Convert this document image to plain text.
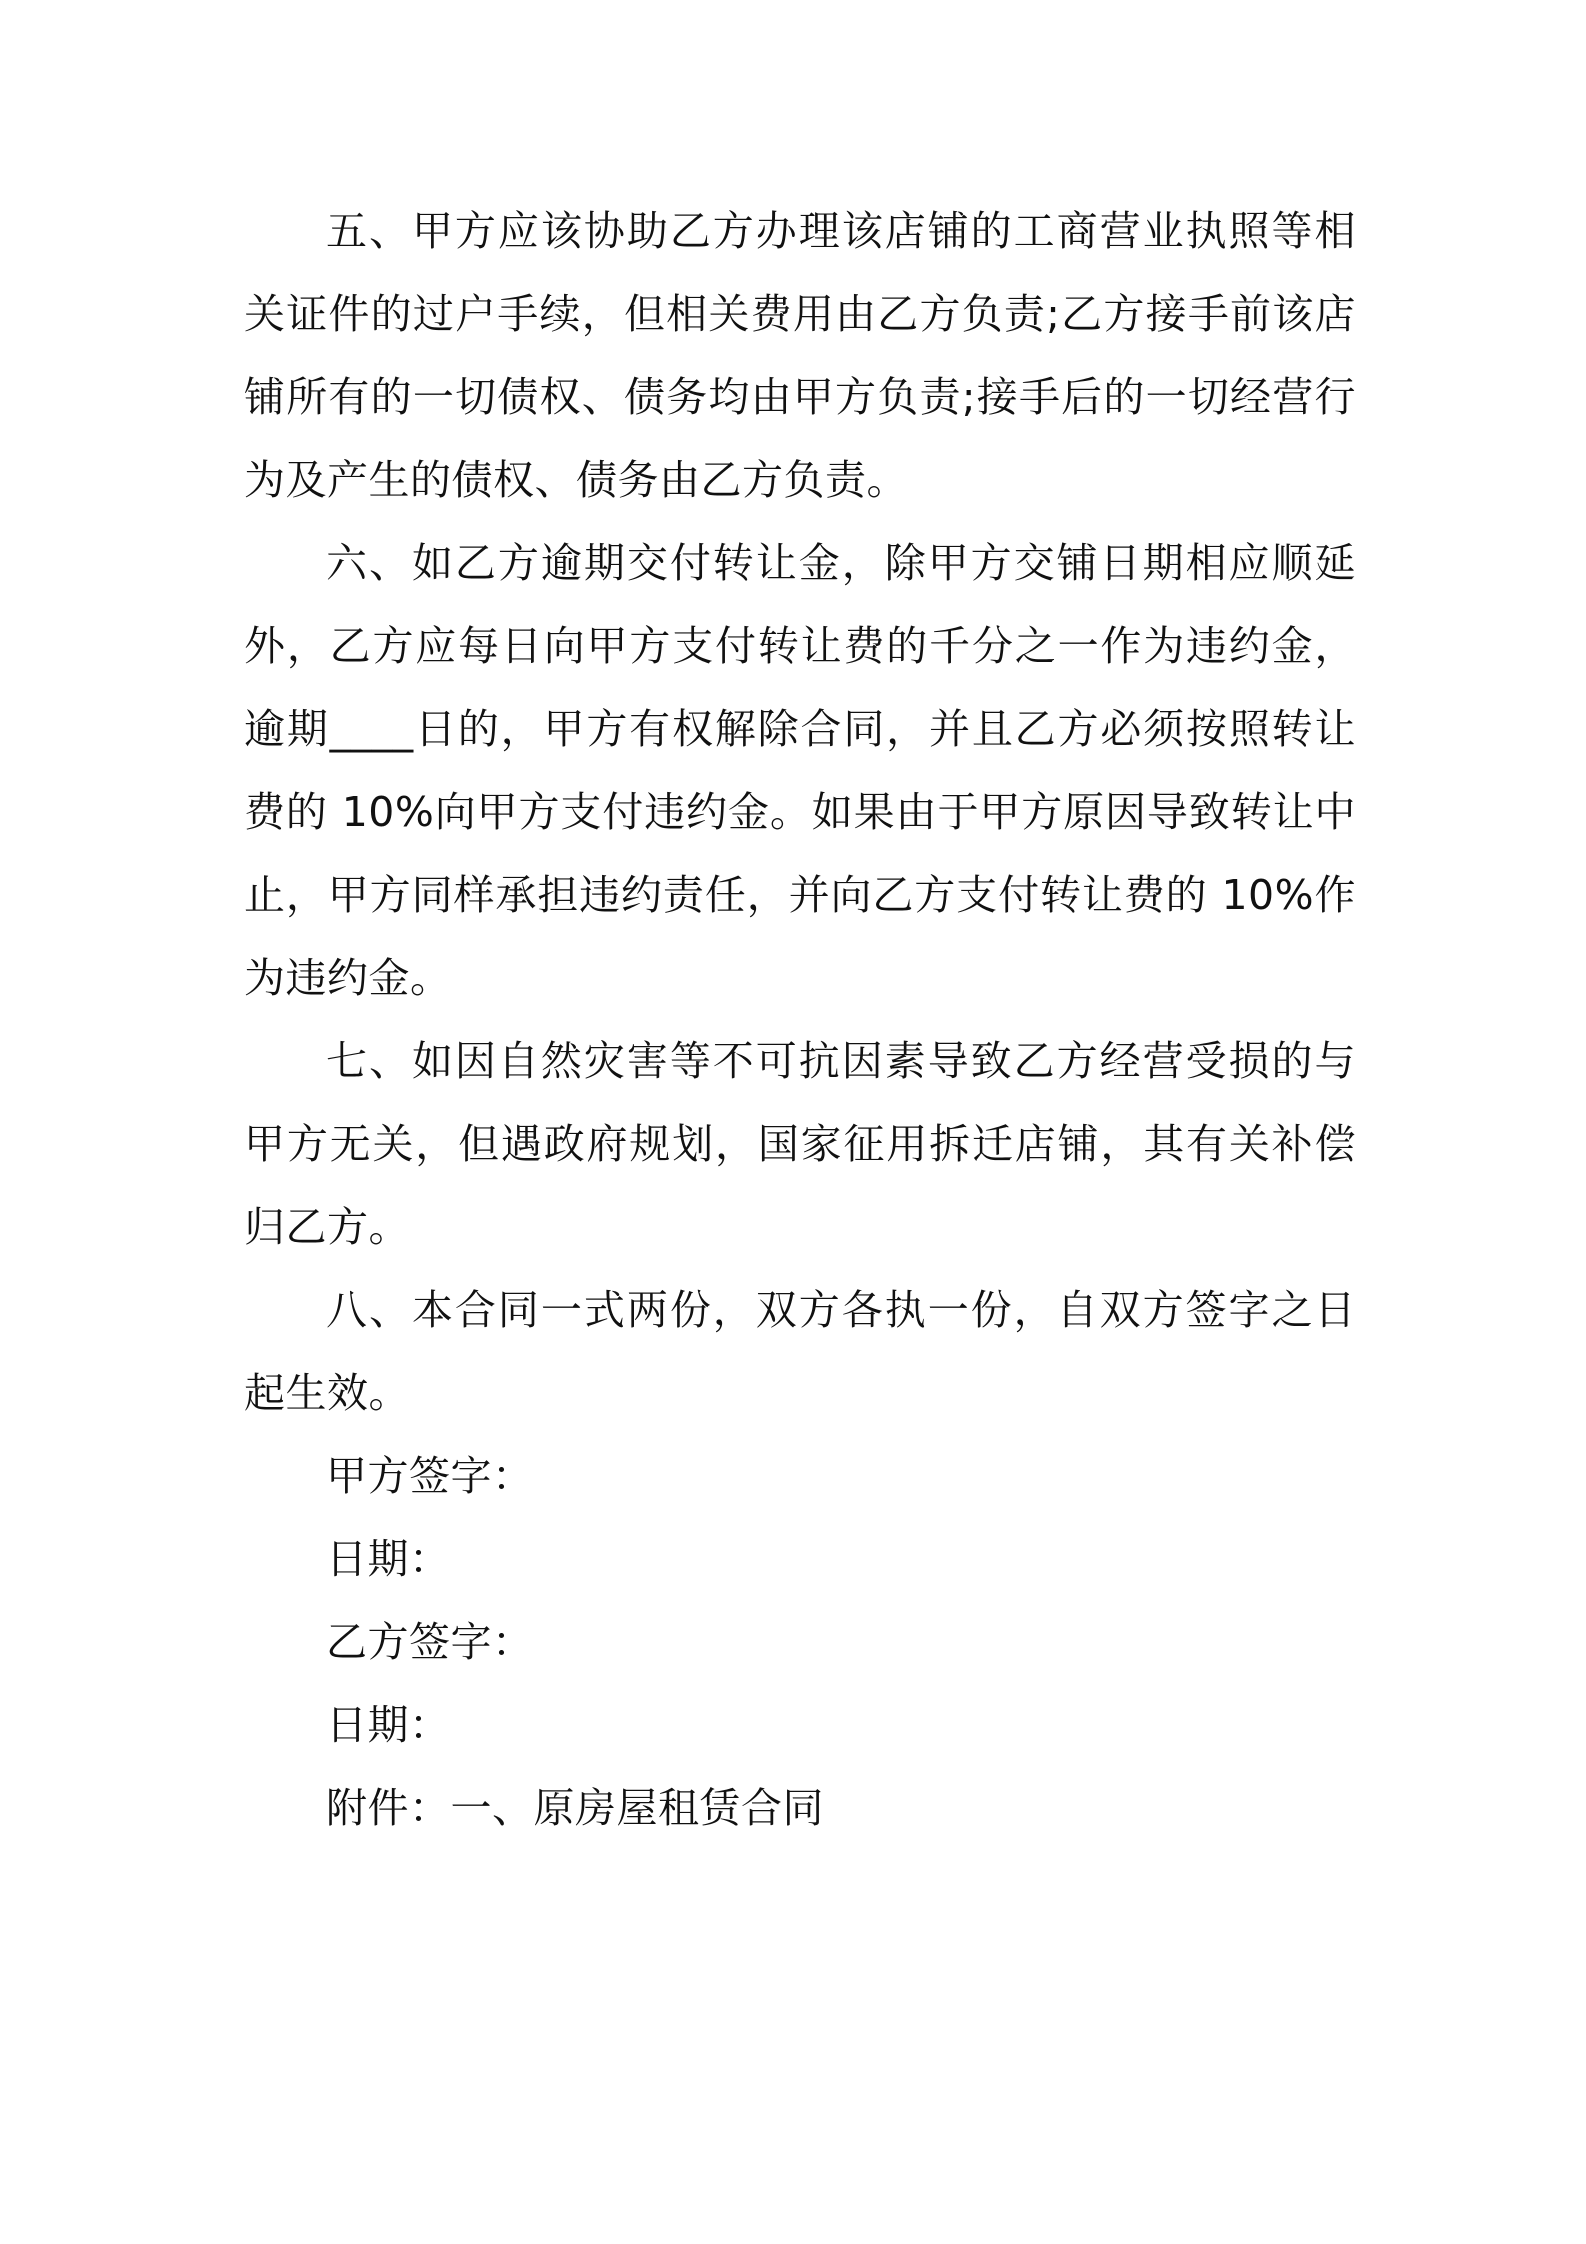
五、甲方应该协助乙方办理该店铺的工商营业执照等相关证件的过户手续，但相关费用由乙方负责;乙方接手前该店铺所有的一切债权、债务均由甲方负责;接手后的一切经营行为及产生的债权、债务由乙方负责。

六、如乙方逾期交付转让金，除甲方交铺日期相应顺延外，乙方应每日向甲方支付转让费的千分之一作为违约金，逾期____日的，甲方有权解除合同，并且乙方必须按照转让费的 10%向甲方支付违约金。如果由于甲方原因导致转让中止，甲方同样承担违约责任，并向乙方支付转让费的 10%作为违约金。

七、如因自然灾害等不可抗因素导致乙方经营受损的与甲方无关，但遇政府规划，国家征用拆迁店铺，其有关补偿归乙方。

八、本合同一式两份，双方各执一份，自双方签字之日起生效。

甲方签字：

日期：

乙方签字：

日期：

附件：一、原房屋租赁合同
